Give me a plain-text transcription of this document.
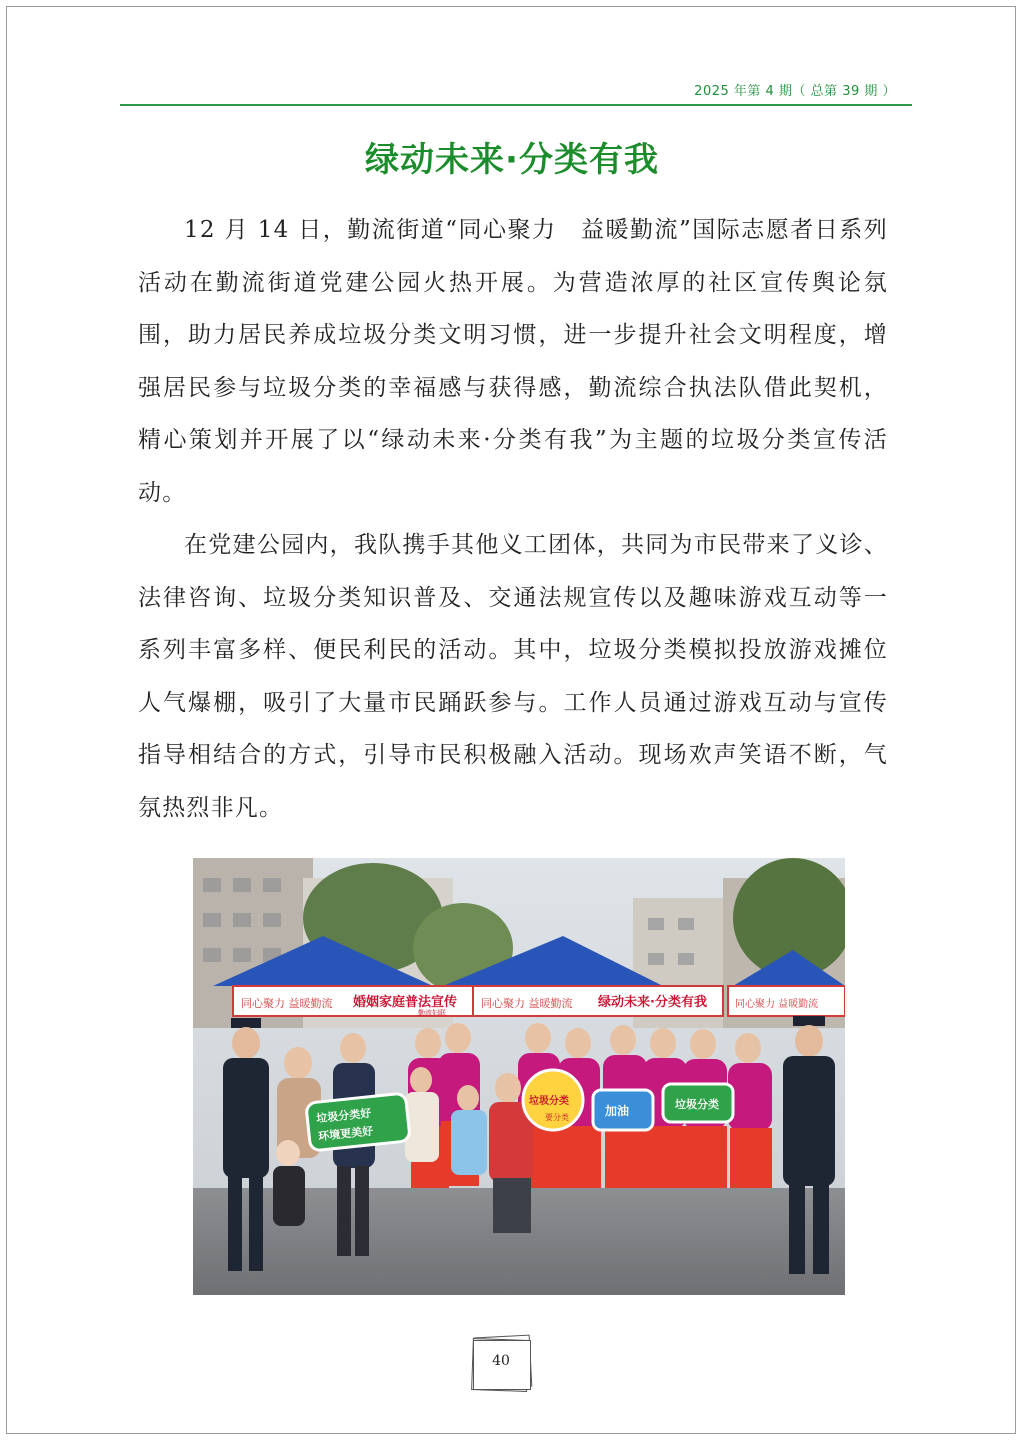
2025 年第 4 期（ 总第 39 期 ）
绿动未来·分类有我

12 月 14 日，勤流街道“同心聚力　益暖勤流”国际志愿者日系列活动在勤流街道党建公园火热开展。为营造浓厚的社区宣传舆论氛围，助力居民养成垃圾分类文明习惯，进一步提升社会文明程度，增强居民参与垃圾分类的幸福感与获得感，勤流综合执法队借此契机，精心策划并开展了以“绿动未来·分类有我”为主题的垃圾分类宣传活动。

在党建公园内，我队携手其他义工团体，共同为市民带来了义诊、法律咨询、垃圾分类知识普及、交通法规宣传以及趣味游戏互动等一系列丰富多样、便民利民的活动。其中，垃圾分类模拟投放游戏摊位人气爆棚，吸引了大量市民踊跃参与。工作人员通过游戏互动与宣传指导相结合的方式，引导市民积极融入活动。现场欢声笑语不断，气氛热烈非凡。

同心聚力 益暖勤流 婚姻家庭普法宣传
勤流妇联
同心聚力 益暖勤流 绿动未来·分类有我	同心聚力 益暖勤流
垃圾分类好
环境更美好
垃圾分类
加油	垃圾分类
要分类
40
